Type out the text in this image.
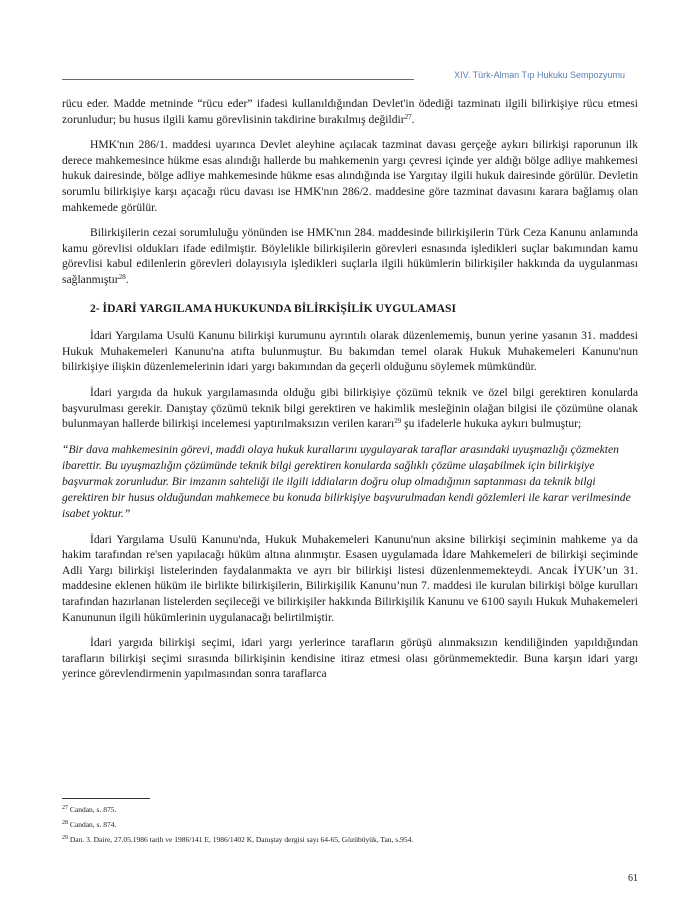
XIV. Türk-Alman Tıp Hukuku Sempozyumu

rücu eder. Madde metninde “rücu eder” ifadesi kullanıldığından Devlet'in ödediği tazminatı ilgili bilirkişiye rücu etmesi zorunludur; bu husus ilgili kamu görevlisinin takdirine bırakılmış değildir$^{27}$.

HMK'nın 286/1. maddesi uyarınca Devlet aleyhine açılacak tazminat davası gerçeğe aykırı bilirkişi raporunun ilk derece mahkemesince hükme esas alındığı hallerde bu mahkemenin yargı çevresi içinde yer aldığı bölge adliye mahkemesi hukuk dairesinde, bölge adliye mahkemesinde hükme esas alındığında ise Yargıtay ilgili hukuk dairesinde görülür. Devletin sorumlu bilirkişiye karşı açacağı rücu davası ise HMK'nın 286/2. maddesine göre tazminat davasını karara bağlamış olan mahkemede görülür.

Bilirkişilerin cezai sorumluluğu yönünden ise HMK'nın 284. maddesinde bilirkişilerin Türk Ceza Kanunu anlamında kamu görevlisi oldukları ifade edilmiştir. Böylelikle bilirkişilerin görevleri esnasında işledikleri suçlar bakımından kamu görevlisi kabul edilenlerin görevleri dolayısıyla işledikleri suçlarla ilgili hükümlerin bilirkişiler hakkında da uygulanması sağlanmıştır$^{28}$.

2- İDARİ YARGILAMA HUKUKUNDA BİLİRKİŞİLİK UYGULAMASI

İdari Yargılama Usulü Kanunu bilirkişi kurumunu ayrıntılı olarak düzenlememiş, bunun yerine yasanın 31. maddesi Hukuk Muhakemeleri Kanunu'na atıfta bulunmuştur. Bu bakımdan temel olarak Hukuk Muhakemeleri Kanunu'nun bilirkişiye ilişkin düzenlemelerinin idari yargı bakımından da geçerli olduğunu söylemek mümkündür.

İdari yargıda da hukuk yargılamasında olduğu gibi bilirkişiye çözümü teknik ve özel bilgi gerektiren konularda başvurulması gerekir. Danıştay çözümü teknik bilgi gerektiren ve hakimlik mesleğinin olağan bilgisi ile çözümüne olanak bulunmayan hallerde bilirkişi incelemesi yaptırılmaksızın verilen kararı$^{29}$ şu ifadelerle hukuka aykırı bulmuştur;

“Bir dava mahkemesinin görevi, maddi olaya hukuk kurallarını uygulayarak taraflar arasındaki uyuşmazlığı çözmekten ibarettir. Bu uyuşmazlığın çözümünde teknik bilgi gerektiren konularda sağlıklı çözüme ulaşabilmek için bilirkişiye başvurmak zorunludur. Bir imzanın sahteliği ile ilgili iddiaların doğru olup olmadığının saptanması da teknik bilgi gerektiren bir husus olduğundan mahkemece bu konuda bilirkişiye başvurulmadan kendi gözlemleri ile karar verilmesinde isabet yoktur.”

İdari Yargılama Usulü Kanunu'nda, Hukuk Muhakemeleri Kanunu'nun aksine bilirkişi seçiminin mahkeme ya da hakim tarafından re'sen yapılacağı hüküm altına alınmıştır. Esasen uygulamada İdare Mahkemeleri de bilirkişi seçiminde Adli Yargı bilirkişi listelerinden faydalanmakta ve ayrı bir bilirkişi listesi düzenlenmemekteydi. Ancak İYUK’un 31. maddesine eklenen hüküm ile birlikte bilirkişilerin, Bilirkişilik Kanunu’nun 7. maddesi ile kurulan bilirkişi bölge kurulları tarafından hazırlanan listelerden seçileceği ve bilirkişiler hakkında Bilirkişilik Kanunu ve 6100 sayılı Hukuk Muhakemeleri Kanununun ilgili hükümlerinin uygulanacağı belirtilmiştir.

İdari yargıda bilirkişi seçimi, idari yargı yerlerince tarafların görüşü alınmaksızın kendiliğinden yapıldığından tarafların bilirkişi seçimi sırasında bilirkişinin kendisine itiraz etmesi olası görünmemektedir. Buna karşın idari yargı yerince görevlendirmenin yapılmasından sonra taraflarca

$^{27}$ Candan, s. 875.
$^{28}$ Candan, s. 874.
$^{29}$ Dan. 3. Daire, 27.05.1986 tarih ve 1986/141 E, 1986/1402 K, Danıştay dergisi sayı 64-65, Gözübüyük, Tan, s.954.
61
